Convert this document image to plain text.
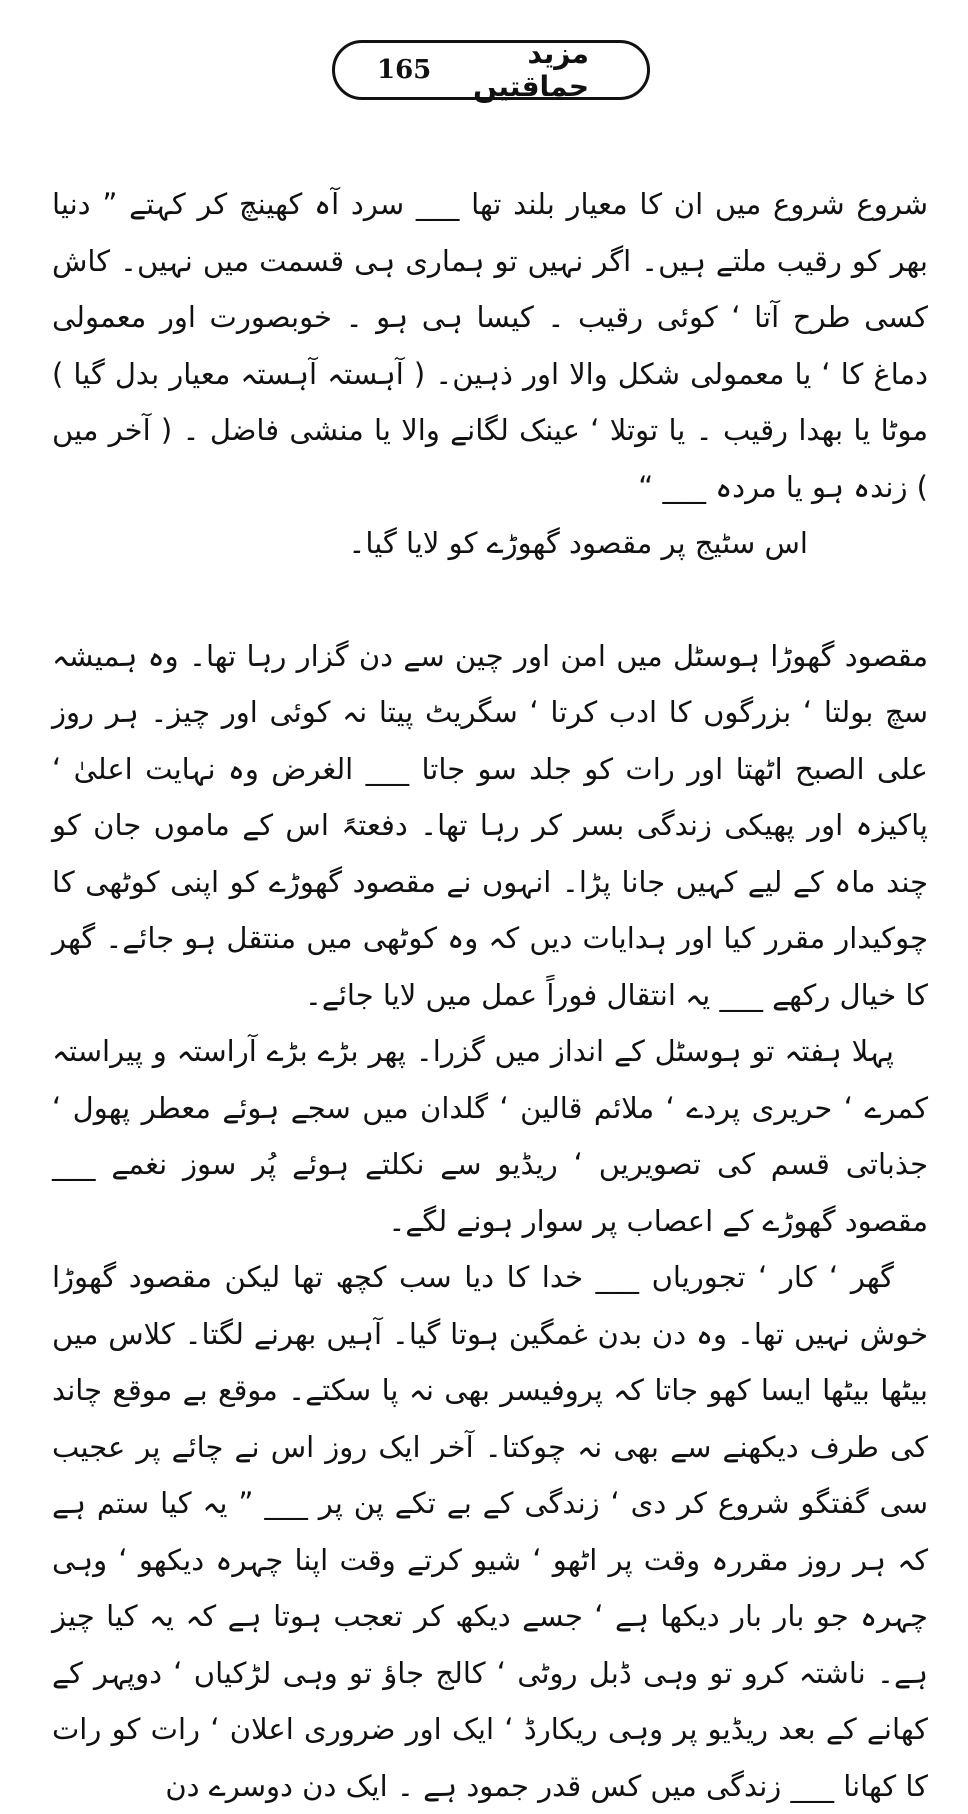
165	مزید حماقتیں

شروع شروع میں ان کا معیار بلند تھا ___ سرد آہ کھینچ کر کہتے ” دنیا بھر کو رقیب ملتے ہیں۔ اگر نہیں تو ہماری ہی قسمت میں نہیں۔ کاش کسی طرح آتا ‘ کوئی رقیب ۔ کیسا ہی ہو ۔ خوبصورت اور معمولی دماغ کا ‘ یا معمولی شکل والا اور ذہین۔ ( آہستہ آہستہ معیار بدل گیا ) موٹا یا بھدا رقیب ۔ یا توتلا ‘ عینک لگانے والا یا منشی فاضل ۔ ( آخر میں ) زندہ ہو یا مردہ ___ “

اس سٹیج پر مقصود گھوڑے کو لایا گیا۔

مقصود گھوڑا ہوسٹل میں امن اور چین سے دن گزار رہا تھا۔ وہ ہمیشہ سچ بولتا ‘ بزرگوں کا ادب کرتا ‘ سگریٹ پیتا نہ کوئی اور چیز۔ ہر روز علی الصبح اٹھتا اور رات کو جلد سو جاتا ___ الغرض وہ نہایت اعلیٰ ‘ پاکیزہ اور پھیکی زندگی بسر کر رہا تھا۔ دفعتہً اس کے ماموں جان کو چند ماہ کے لیے کہیں جانا پڑا۔ انہوں نے مقصود گھوڑے کو اپنی کوٹھی کا چوکیدار مقرر کیا اور ہدایات دیں کہ وہ کوٹھی میں منتقل ہو جائے۔ گھر کا خیال رکھے ___ یہ انتقال فوراً عمل میں لایا جائے۔

پہلا ہفتہ تو ہوسٹل کے انداز میں گزرا۔ پھر بڑے بڑے آراستہ و پیراستہ کمرے ‘ حریری پردے ‘ ملائم قالین ‘ گلدان میں سجے ہوئے معطر پھول ‘ جذباتی قسم کی تصویریں ‘ ریڈیو سے نکلتے ہوئے پُر سوز نغمے ___ مقصود گھوڑے کے اعصاب پر سوار ہونے لگے۔

گھر ‘ کار ‘ تجوریاں ___ خدا کا دیا سب کچھ تھا لیکن مقصود گھوڑا خوش نہیں تھا۔ وہ دن بدن غمگین ہوتا گیا۔ آہیں بھرنے لگتا۔ کلاس میں بیٹھا بیٹھا ایسا کھو جاتا کہ پروفیسر بھی نہ پا سکتے۔ موقع بے موقع چاند کی طرف دیکھنے سے بھی نہ چوکتا۔ آخر ایک روز اس نے چائے پر عجیب سی گفتگو شروع کر دی ‘ زندگی کے بے تکے پن پر ___ ” یہ کیا ستم ہے کہ ہر روز مقررہ وقت پر اٹھو ‘ شیو کرتے وقت اپنا چہرہ دیکھو ‘ وہی چہرہ جو بار بار دیکھا ہے ‘ جسے دیکھ کر تعجب ہوتا ہے کہ یہ کیا چیز ہے۔ ناشتہ کرو تو وہی ڈبل روٹی ‘ کالج جاؤ تو وہی لڑکیاں ‘ دوپہر کے کھانے کے بعد ریڈیو پر وہی ریکارڈ ‘ ایک اور ضروری اعلان ‘ رات کو رات کا کھانا ___ زندگی میں کس قدر جمود ہے ۔ ایک دن دوسرے دن
